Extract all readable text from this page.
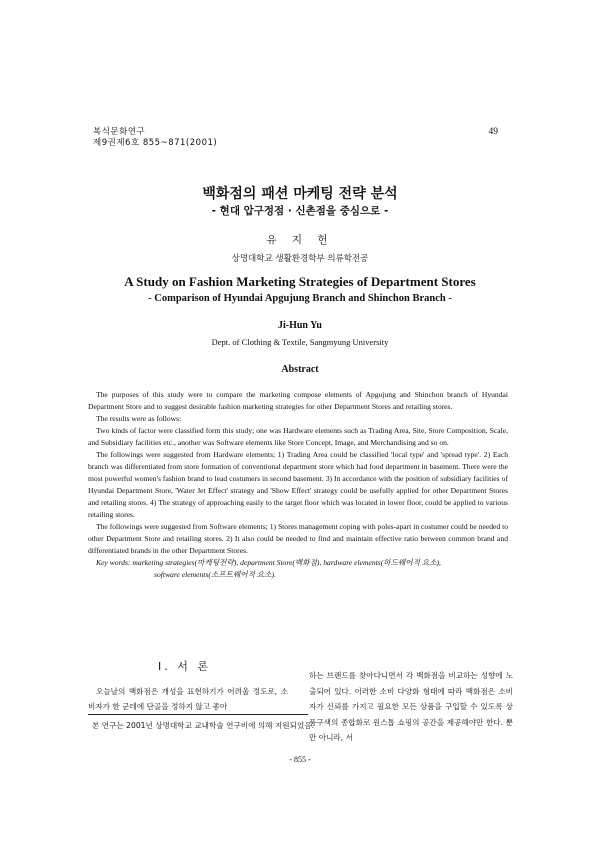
복식문화연구
제9권제6호 855~871(2001)
49
백화점의 패션 마케팅 전략 분석
- 현대 압구정점 · 신촌점을 중심으로 -
유 지 헌
상명대학교 생활환경학부 의류학전공
A Study on Fashion Marketing Strategies of Department Stores
- Comparison of Hyundai Apgujung Branch and Shinchon Branch -
Ji-Hun Yu
Dept. of Clothing & Textile, Sangmyung University
Abstract

The purposes of this study were to compare the marketing compose elements of Apgujung and Shinchon branch of Hyundai Department Store and to suggest desirable fashion marketing strategies for other Department Stores and retailing stores.

The results were as follows:

Two kinds of factor were classified form this study; one was Hardware elements such as Trading Area, Site, Store Composition, Scale, and Subsidiary facilities etc., another was Software elements like Store Concept, Image, and Merchandising and so on.

The followings were suggested from Hardware elements; 1) Trading Area could be classified 'local type' and 'spread type'. 2) Each branch was differentiated from store formation of conventional department store which had food department in basement. There were the most powerful women's fashion brand to lead costumers in second basement. 3) In accordance with the position of subsidiary facilities of Hyundai Department Store, 'Water Jet Effect' strategy and 'Show Effect' strategy could be usefully applied for other Department Stores and retailing stores. 4) The strategy of approaching easily to the target floor which was located in lower floor, could be applied to various retailing stores.

The followings were suggested from Software elements; 1) Stores management coping with poles-apart in costumer could be needed to other Department Store and retailing stores. 2) It also could be needed to find and maintain effective ratio between common brand and differentiated brands in the other Department Stores.

Key words: marketing strategies(마케팅전략), department Store(백화점), hardware elements(하드웨어적 요소),
software elements(소프트웨어적 요소).
I. 서 론
오늘날의 백화점은 개성을 표현하기가 어려울 정도로, 소비자가 한 군데에 단골을 정하지 않고 좋아
하는 브랜드를 찾아다니면서 각 백화점을 비교하는 성향에 노출되어 있다. 이러한 소비 다양화 형태에 따라 백화점은 소비자가 신뢰를 가지고 필요한 모든 상품을 구입할 수 있도록 상품구색의 종합화로 원스톱 쇼핑의 공간을 제공해야만 한다. 뿐만 아니라, 서
본 연구는 2001년 상명대학교 교내학술 연구비에 의해 지원되었음.
- 855 -
